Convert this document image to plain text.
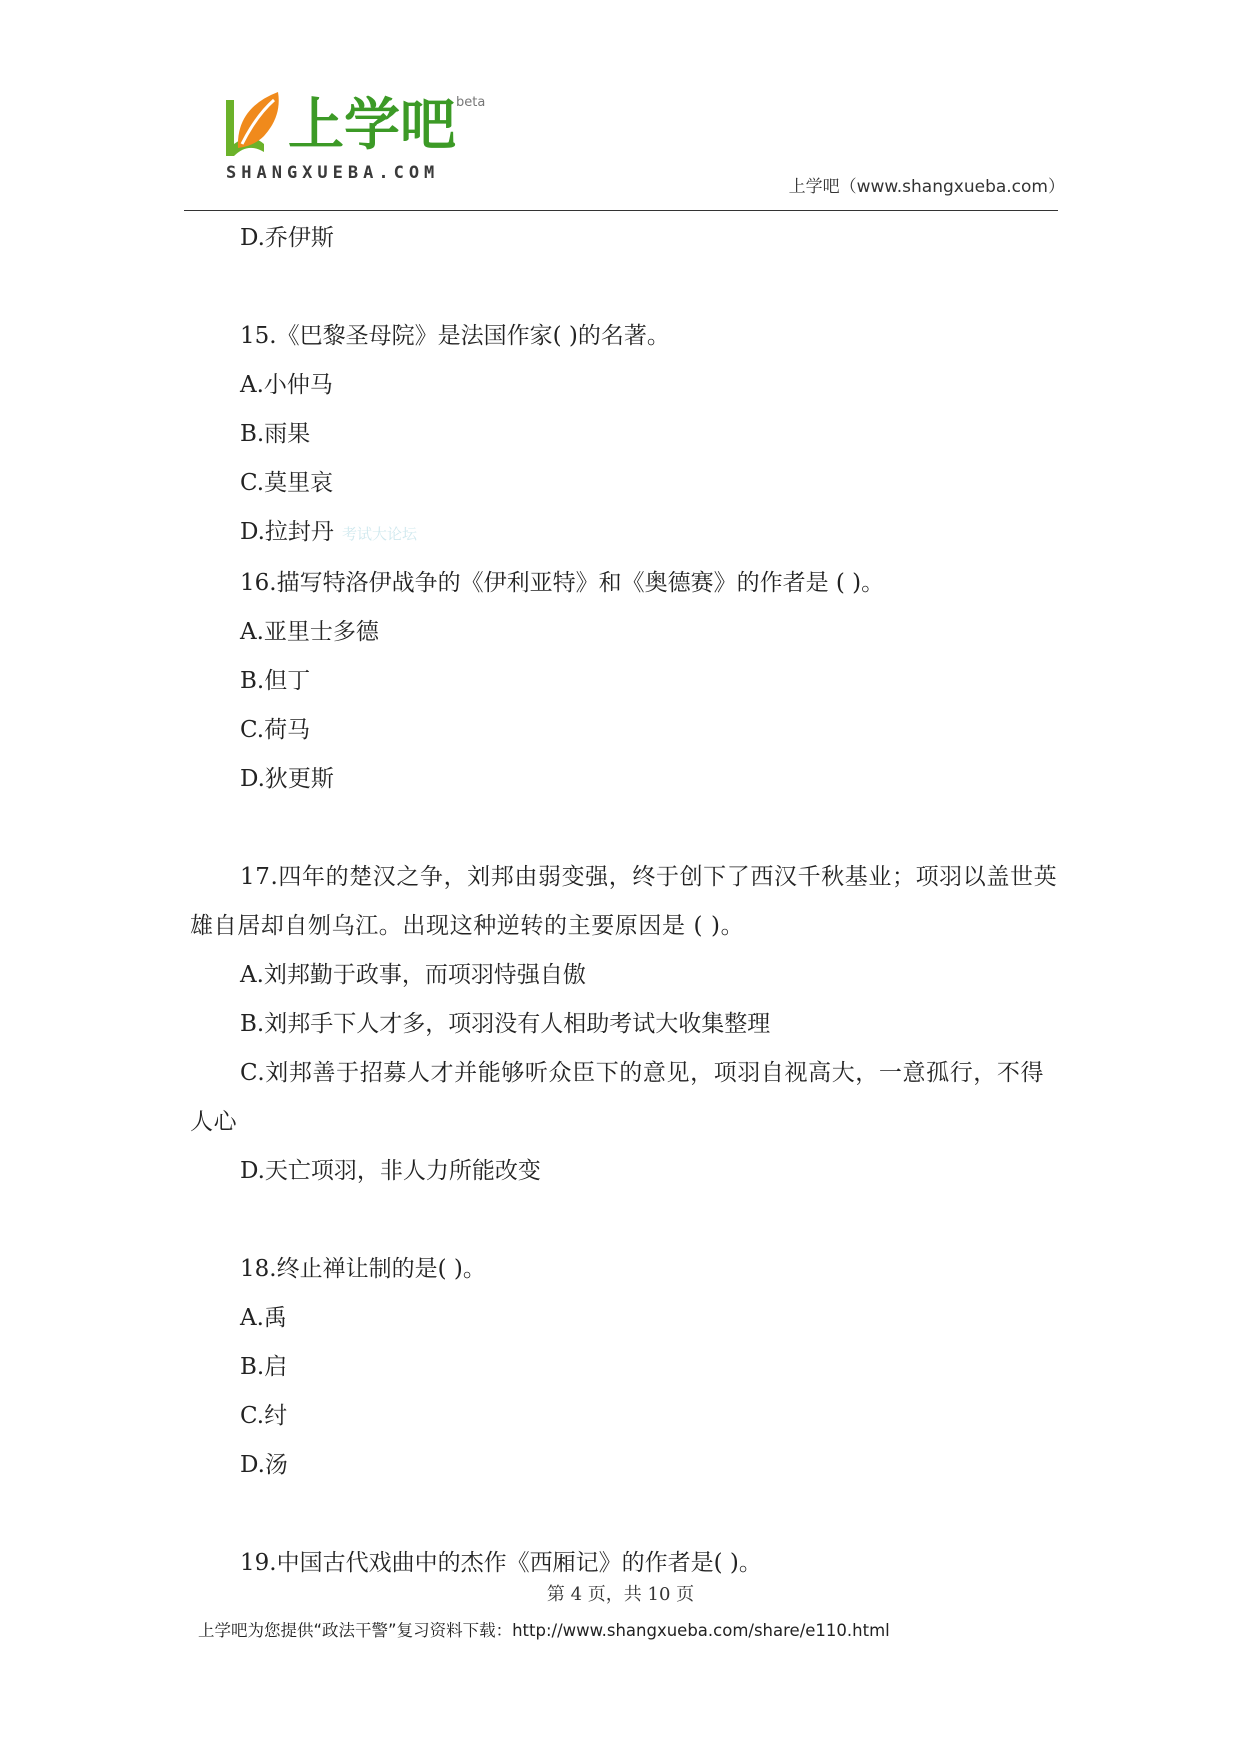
上学吧 beta
SHANGXUEBA.COM
上学吧（www.shangxueba.com）
D.乔伊斯
15.《巴黎圣母院》是法国作家( )的名著。
A.小仲马
B.雨果
C.莫里哀
D.拉封丹 考试大论坛
16.描写特洛伊战争的《伊利亚特》和《奥德赛》的作者是 ( )。
A.亚里士多德
B.但丁
C.荷马
D.狄更斯
17.四年的楚汉之争，刘邦由弱变强，终于创下了西汉千秋基业；项羽以盖世英雄自居却自刎乌江。出现这种逆转的主要原因是 ( )。
A.刘邦勤于政事，而项羽恃强自傲
B.刘邦手下人才多，项羽没有人相助考试大收集整理
C.刘邦善于招募人才并能够听众臣下的意见，项羽自视高大，一意孤行，不得人心
D.天亡项羽，非人力所能改变
18.终止禅让制的是( )。
A.禹
B.启
C.纣
D.汤
19.中国古代戏曲中的杰作《西厢记》的作者是( )。
第 4 页，共 10 页
上学吧为您提供“政法干警”复习资料下载：http://www.shangxueba.com/share/e110.html
